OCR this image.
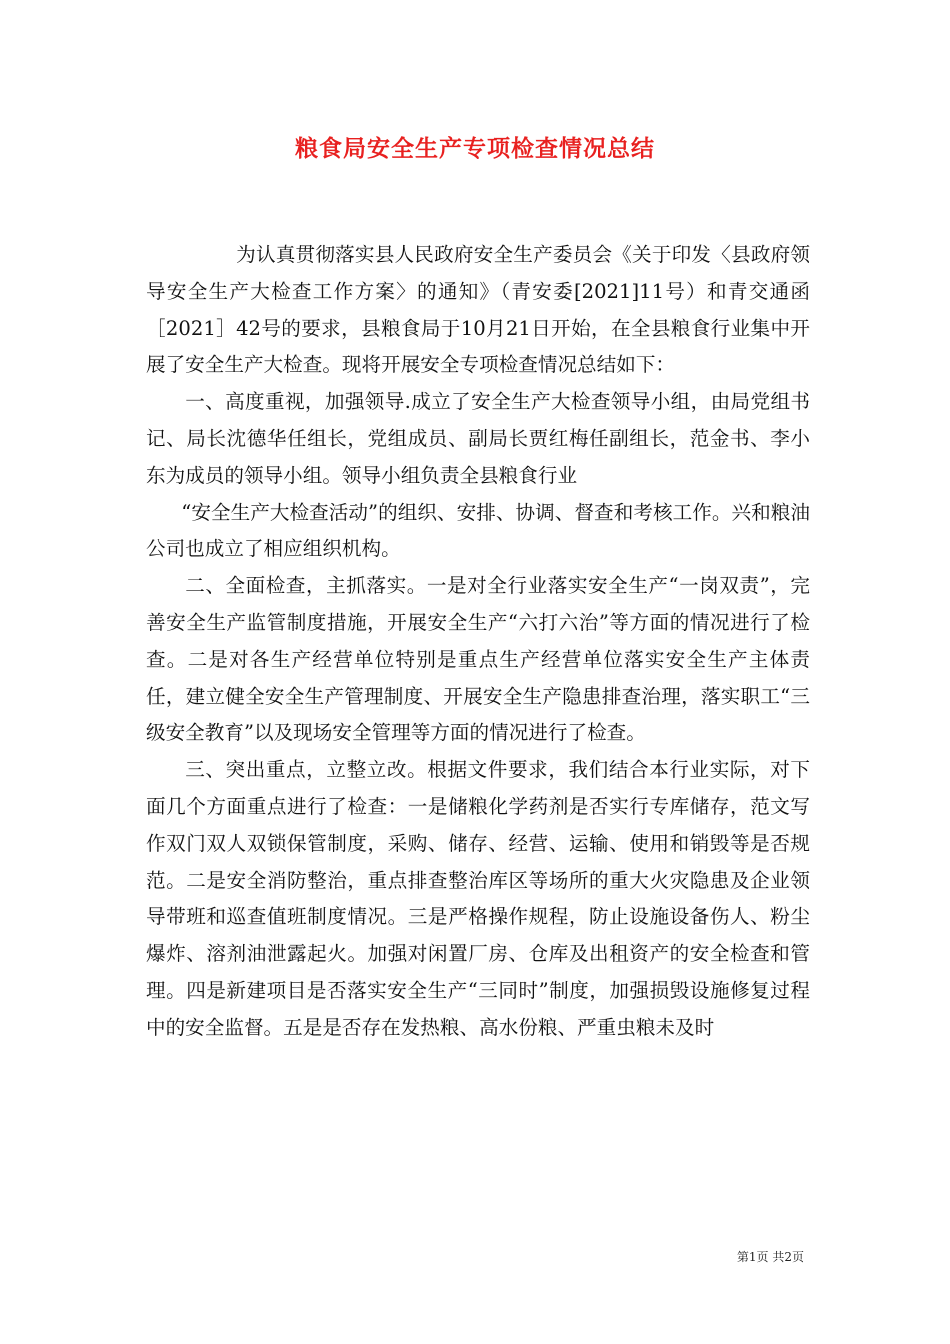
粮食局安全生产专项检查情况总结

为认真贯彻落实县人民政府安全生产委员会《关于印发〈县政府领导安全生产大检查工作方案〉的通知》（青安委[2021]11号）和青交通函［2021］42号的要求，县粮食局于10月21日开始，在全县粮食行业集中开展了安全生产大检查。现将开展安全专项检查情况总结如下：

一、高度重视，加强领导.成立了安全生产大检查领导小组，由局党组书记、局长沈德华任组长，党组成员、副局长贾红梅任副组长，范金书、李小东为成员的领导小组。领导小组负责全县粮食行业

“安全生产大检查活动”的组织、安排、协调、督查和考核工作。兴和粮油公司也成立了相应组织机构。

二、全面检查，主抓落实。一是对全行业落实安全生产“一岗双责”，完善安全生产监管制度措施，开展安全生产“六打六治”等方面的情况进行了检查。二是对各生产经营单位特别是重点生产经营单位落实安全生产主体责任，建立健全安全生产管理制度、开展安全生产隐患排查治理，落实职工“三级安全教育”以及现场安全管理等方面的情况进行了检查。

三、突出重点，立整立改。根据文件要求，我们结合本行业实际，对下面几个方面重点进行了检查：一是储粮化学药剂是否实行专库储存，范文写作双门双人双锁保管制度，采购、储存、经营、运输、使用和销毁等是否规范。二是安全消防整治，重点排查整治库区等场所的重大火灾隐患及企业领导带班和巡查值班制度情况。三是严格操作规程，防止设施设备伤人、粉尘爆炸、溶剂油泄露起火。加强对闲置厂房、仓库及出租资产的安全检查和管理。四是新建项目是否落实安全生产“三同时”制度，加强损毁设施修复过程中的安全监督。五是是否存在发热粮、高水份粮、严重虫粮未及时

第1页 共2页
